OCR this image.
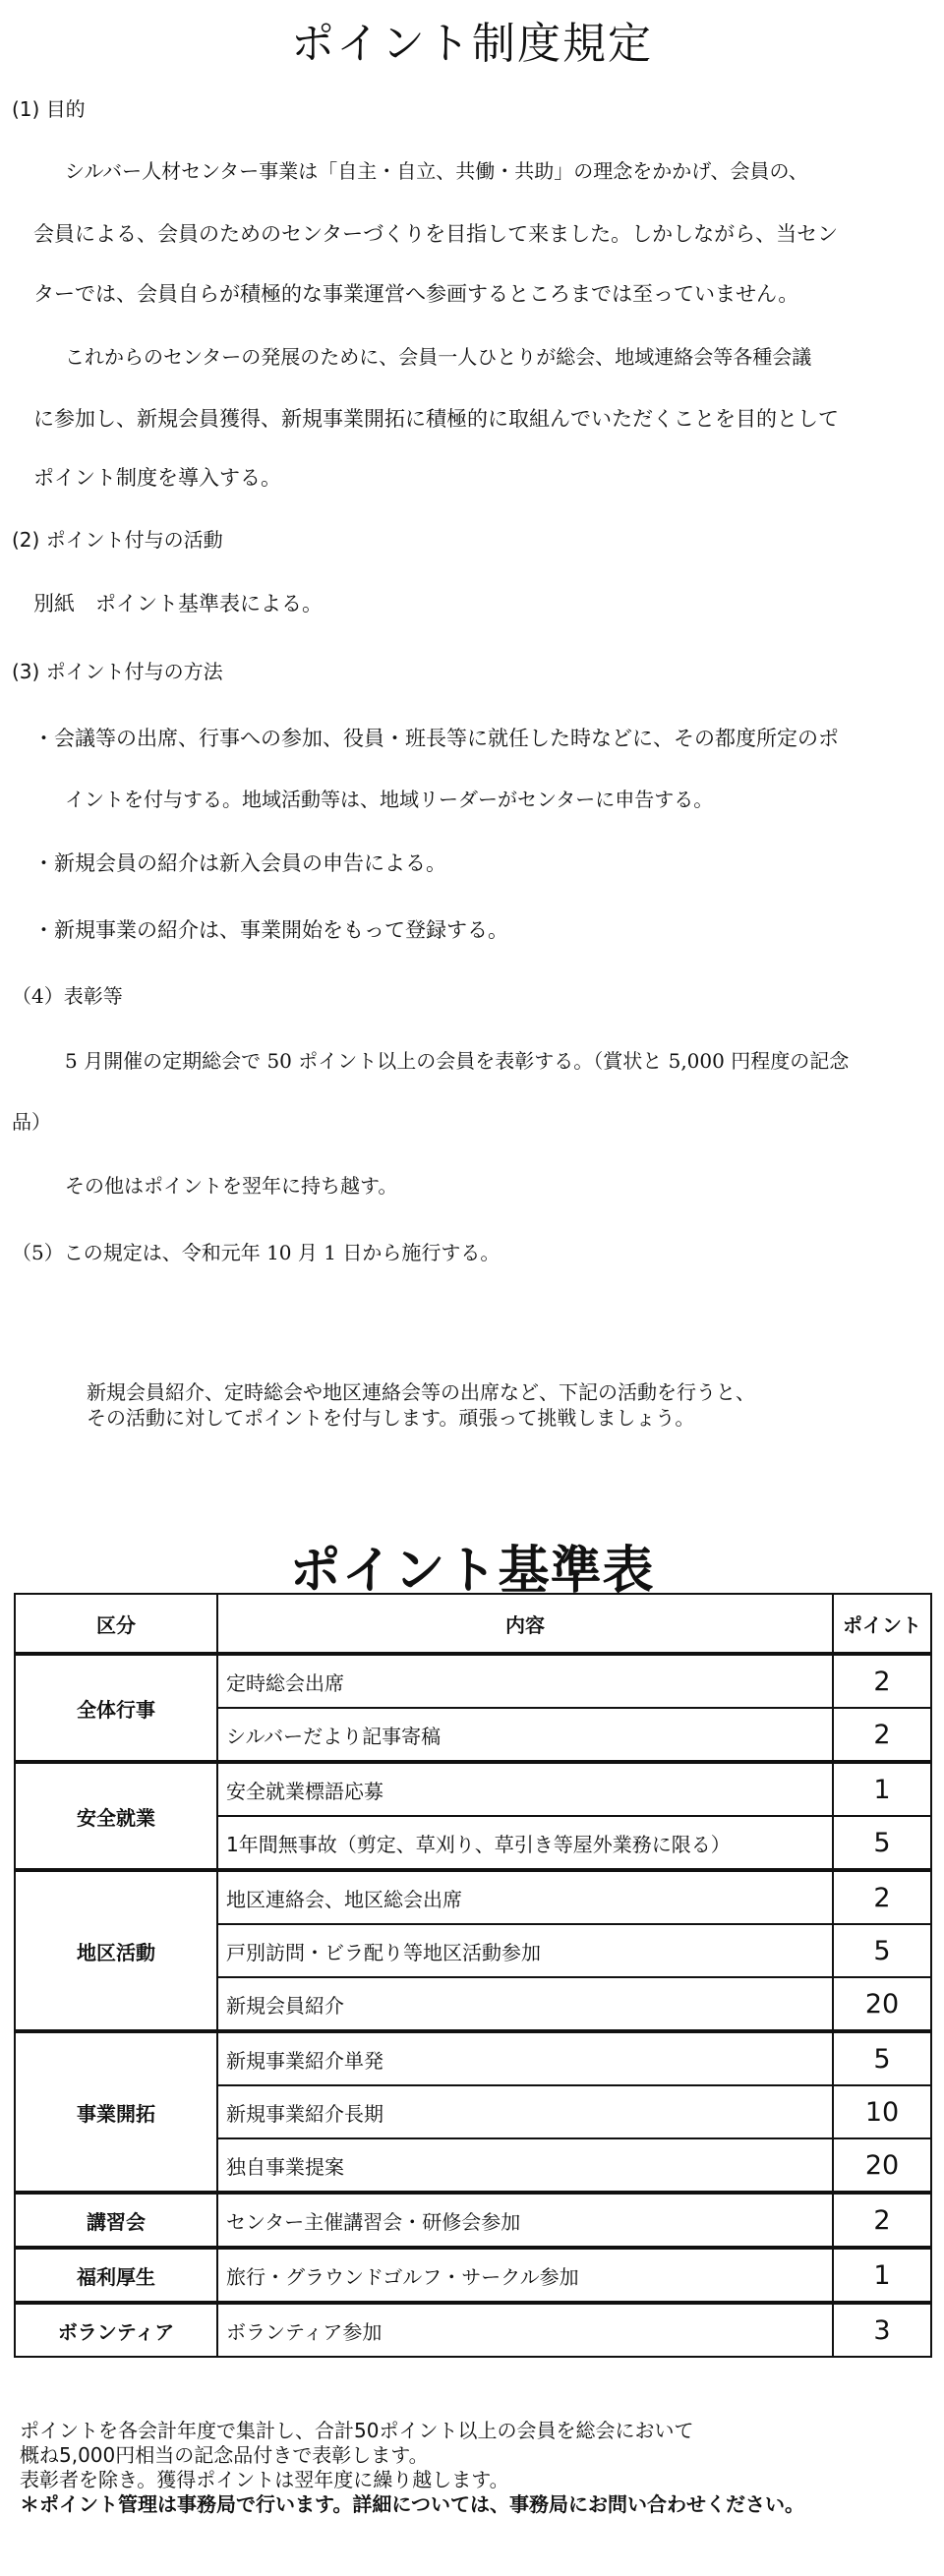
ポイント制度規定
(1) 目的
シルバー人材センター事業は「自主・自立、共働・共助」の理念をかかげ、会員の、
会員による、会員のためのセンターづくりを目指して来ました。しかしながら、当セン
ターでは、会員自らが積極的な事業運営へ参画するところまでは至っていません。
これからのセンターの発展のために、会員一人ひとりが総会、地域連絡会等各種会議
に参加し、新規会員獲得、新規事業開拓に積極的に取組んでいただくことを目的として
ポイント制度を導入する。
(2) ポイント付与の活動
別紙　ポイント基準表による。
(3) ポイント付与の方法
・会議等の出席、行事への参加、役員・班長等に就任した時などに、その都度所定のポ
イントを付与する。地域活動等は、地域リーダーがセンターに申告する。
・新規会員の紹介は新入会員の申告による。
・新規事業の紹介は、事業開始をもって登録する。
（4）表彰等
5 月開催の定期総会で 50 ポイント以上の会員を表彰する。（賞状と 5,000 円程度の記念
品）
その他はポイントを翌年に持ち越す。
（5）この規定は、令和元年 10 月 1 日から施行する。
新規会員紹介、定時総会や地区連絡会等の出席など、下記の活動を行うと、
その活動に対してポイントを付与します。頑張って挑戦しましょう。
ポイント基準表
区分	内容	ポイント
全体行事	定時総会出席	2
	シルバーだより記事寄稿	2
安全就業	安全就業標語応募	1
	1年間無事故（剪定、草刈り、草引き等屋外業務に限る）	5
地区活動	地区連絡会、地区総会出席	2
	戸別訪問・ビラ配り等地区活動参加	5
	新規会員紹介	20
事業開拓	新規事業紹介単発	5
	新規事業紹介長期	10
	独自事業提案	20
講習会	センター主催講習会・研修会参加	2
福利厚生	旅行・グラウンドゴルフ・サークル参加	1
ボランティア	ボランティア参加	3
ポイントを各会計年度で集計し、合計50ポイント以上の会員を総会において
概ね5,000円相当の記念品付きで表彰します。
表彰者を除き。獲得ポイントは翌年度に繰り越します。
＊ポイント管理は事務局で行います。詳細については、事務局にお問い合わせください。
